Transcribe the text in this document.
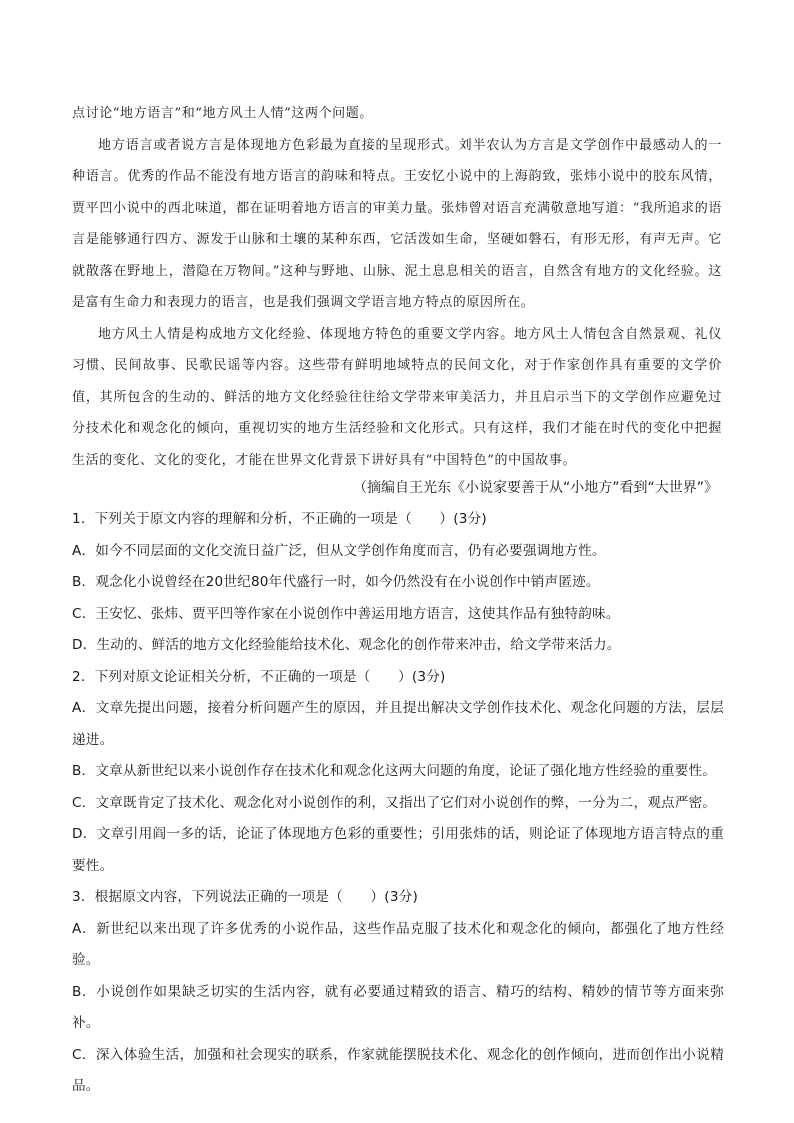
点讨论“地方语言”和“地方风土人情”这两个问题。

地方语言或者说方言是体现地方色彩最为直接的呈现形式。刘半农认为方言是文学创作中最感动人的一种语言。优秀的作品不能没有地方语言的韵味和特点。王安忆小说中的上海韵致，张炜小说中的胶东风情，贾平凹小说中的西北味道，都在证明着地方语言的审美力量。张炜曾对语言充满敬意地写道：“我所追求的语言是能够通行四方、源发于山脉和土壤的某种东西，它活泼如生命，坚硬如磐石，有形无形，有声无声。它就散落在野地上，潜隐在万物间。”这种与野地、山脉、泥土息息相关的语言，自然含有地方的文化经验。这是富有生命力和表现力的语言，也是我们强调文学语言地方特点的原因所在。

地方风土人情是构成地方文化经验、体现地方特色的重要文学内容。地方风土人情包含自然景观、礼仪习惯、民间故事、民歌民谣等内容。这些带有鲜明地域特点的民间文化，对于作家创作具有重要的文学价值，其所包含的生动的、鲜活的地方文化经验往往给文学带来审美活力，并且启示当下的文学创作应避免过分技术化和观念化的倾向，重视切实的地方生活经验和文化形式。只有这样，我们才能在时代的变化中把握生活的变化、文化的变化，才能在世界文化背景下讲好具有“中国特色”的中国故事。

（摘编自王光东《小说家要善于从“小地方”看到“大世界”》

1．下列关于原文内容的理解和分析，不正确的一项是（　　）(3分)

A．如今不同层面的文化交流日益广泛，但从文学创作角度而言，仍有必要强调地方性。

B．观念化小说曾经在20世纪80年代盛行一时，如今仍然没有在小说创作中销声匿迹。

C．王安忆、张炜、贾平凹等作家在小说创作中善运用地方语言，这使其作品有独特韵味。

D．生动的、鲜活的地方文化经验能给技术化、观念化的创作带来冲击，给文学带来活力。

2．下列对原文论证相关分析，不正确的一项是（　　）(3分)

A．文章先提出问题，接着分析问题产生的原因，并且提出解决文学创作技术化、观念化问题的方法，层层递进。

B．文章从新世纪以来小说创作存在技术化和观念化这两大问题的角度，论证了强化地方性经验的重要性。

C．文章既肯定了技术化、观念化对小说创作的利，又指出了它们对小说创作的弊，一分为二，观点严密。

D．文章引用阎一多的话，论证了体现地方色彩的重要性；引用张炜的话，则论证了体现地方语言特点的重要性。

3．根据原文内容，下列说法正确的一项是（　　）(3分)

A．新世纪以来出现了许多优秀的小说作品，这些作品克服了技术化和观念化的倾向，都强化了地方性经验。

B．小说创作如果缺乏切实的生活内容，就有必要通过精致的语言、精巧的结构、精妙的情节等方面来弥补。

C．深入体验生活，加强和社会现实的联系，作家就能摆脱技术化、观念化的创作倾向，进而创作出小说精品。
